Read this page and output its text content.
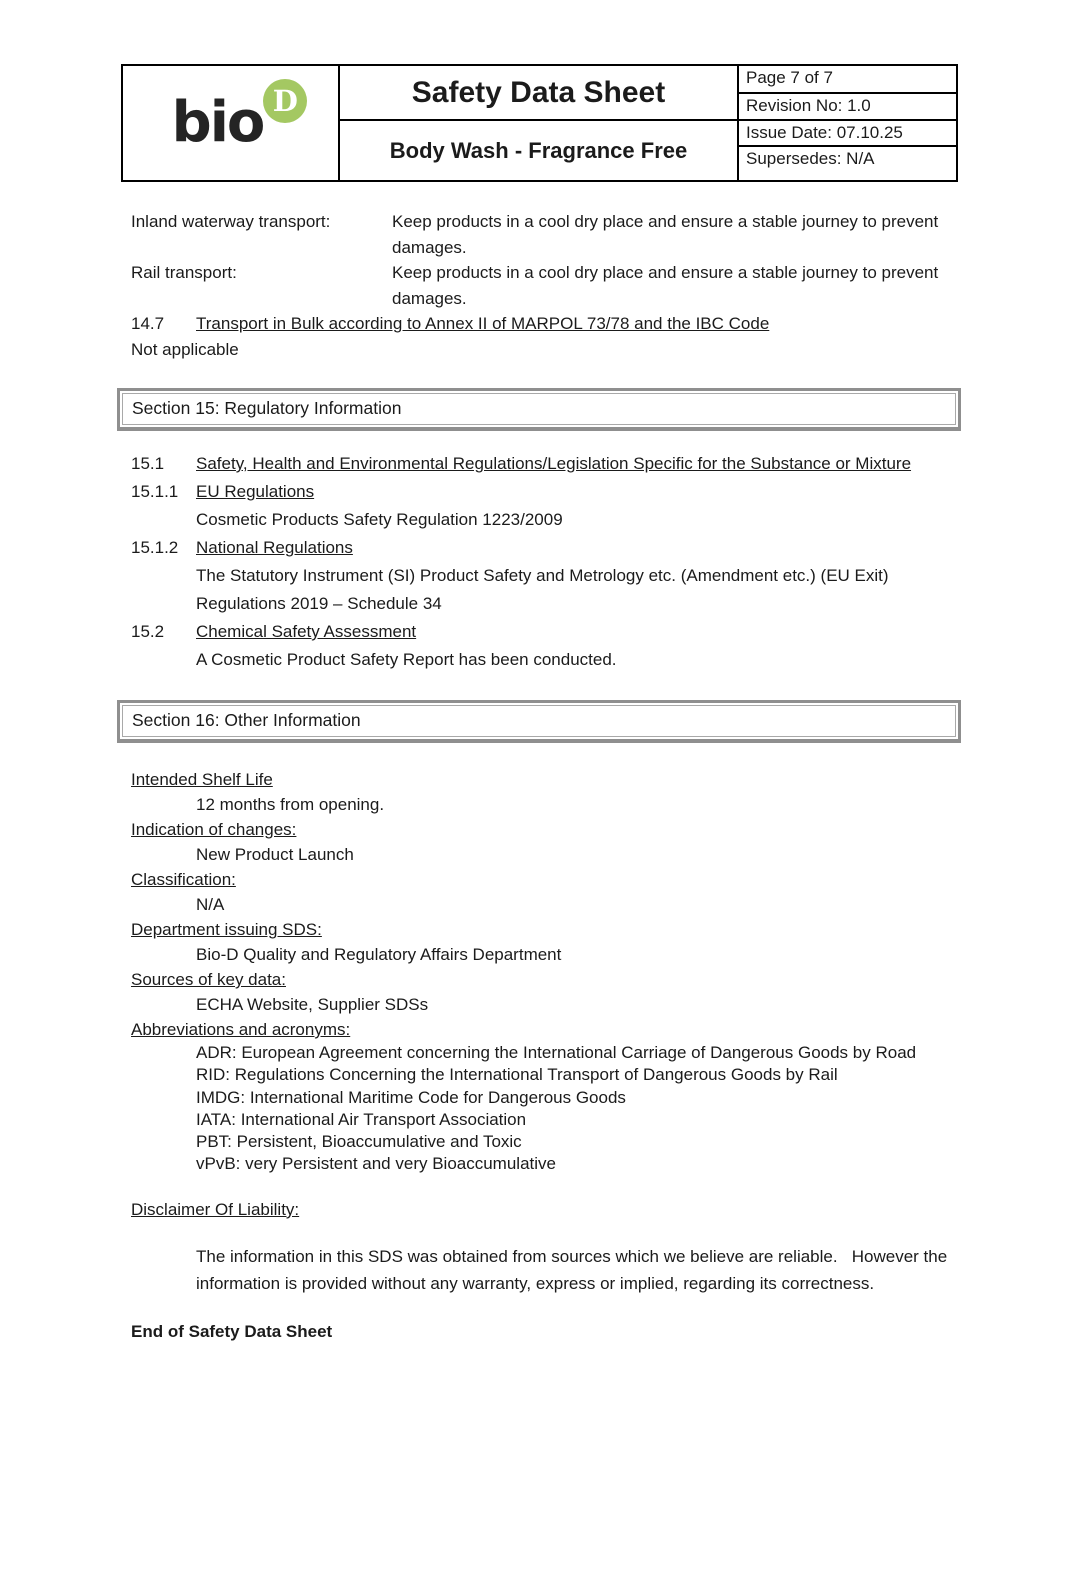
bio D	Safety Data Sheet
Body Wash - Fragrance Free
Page 7 of 7
Revision No: 1.0
Issue Date: 07.10.25
Supersedes: N/A
Inland waterway transport:	Keep products in a cool dry place and ensure a stable journey to prevent damages.
Rail transport:	Keep products in a cool dry place and ensure a stable journey to prevent damages.
14.7 Transport in Bulk according to Annex II of MARPOL 73/78 and the IBC Code
Not applicable
Section 15: Regulatory Information
15.1 Safety, Health and Environmental Regulations/Legislation Specific for the Substance or Mixture
15.1.1 EU Regulations
Cosmetic Products Safety Regulation 1223/2009
15.1.2 National Regulations
The Statutory Instrument (SI) Product Safety and Metrology etc. (Amendment etc.) (EU Exit) Regulations 2019 – Schedule 34
15.2 Chemical Safety Assessment
A Cosmetic Product Safety Report has been conducted.
Section 16: Other Information
Intended Shelf Life
12 months from opening.
Indication of changes:
New Product Launch
Classification:
N/A
Department issuing SDS:
Bio-D Quality and Regulatory Affairs Department
Sources of key data:
ECHA Website, Supplier SDSs
Abbreviations and acronyms:
ADR: European Agreement concerning the International Carriage of Dangerous Goods by Road
RID: Regulations Concerning the International Transport of Dangerous Goods by Rail
IMDG: International Maritime Code for Dangerous Goods
IATA: International Air Transport Association
PBT: Persistent, Bioaccumulative and Toxic
vPvB: very Persistent and very Bioaccumulative
Disclaimer Of Liability:
The information in this SDS was obtained from sources which we believe are reliable.   However the information is provided without any warranty, express or implied, regarding its correctness.
End of Safety Data Sheet
